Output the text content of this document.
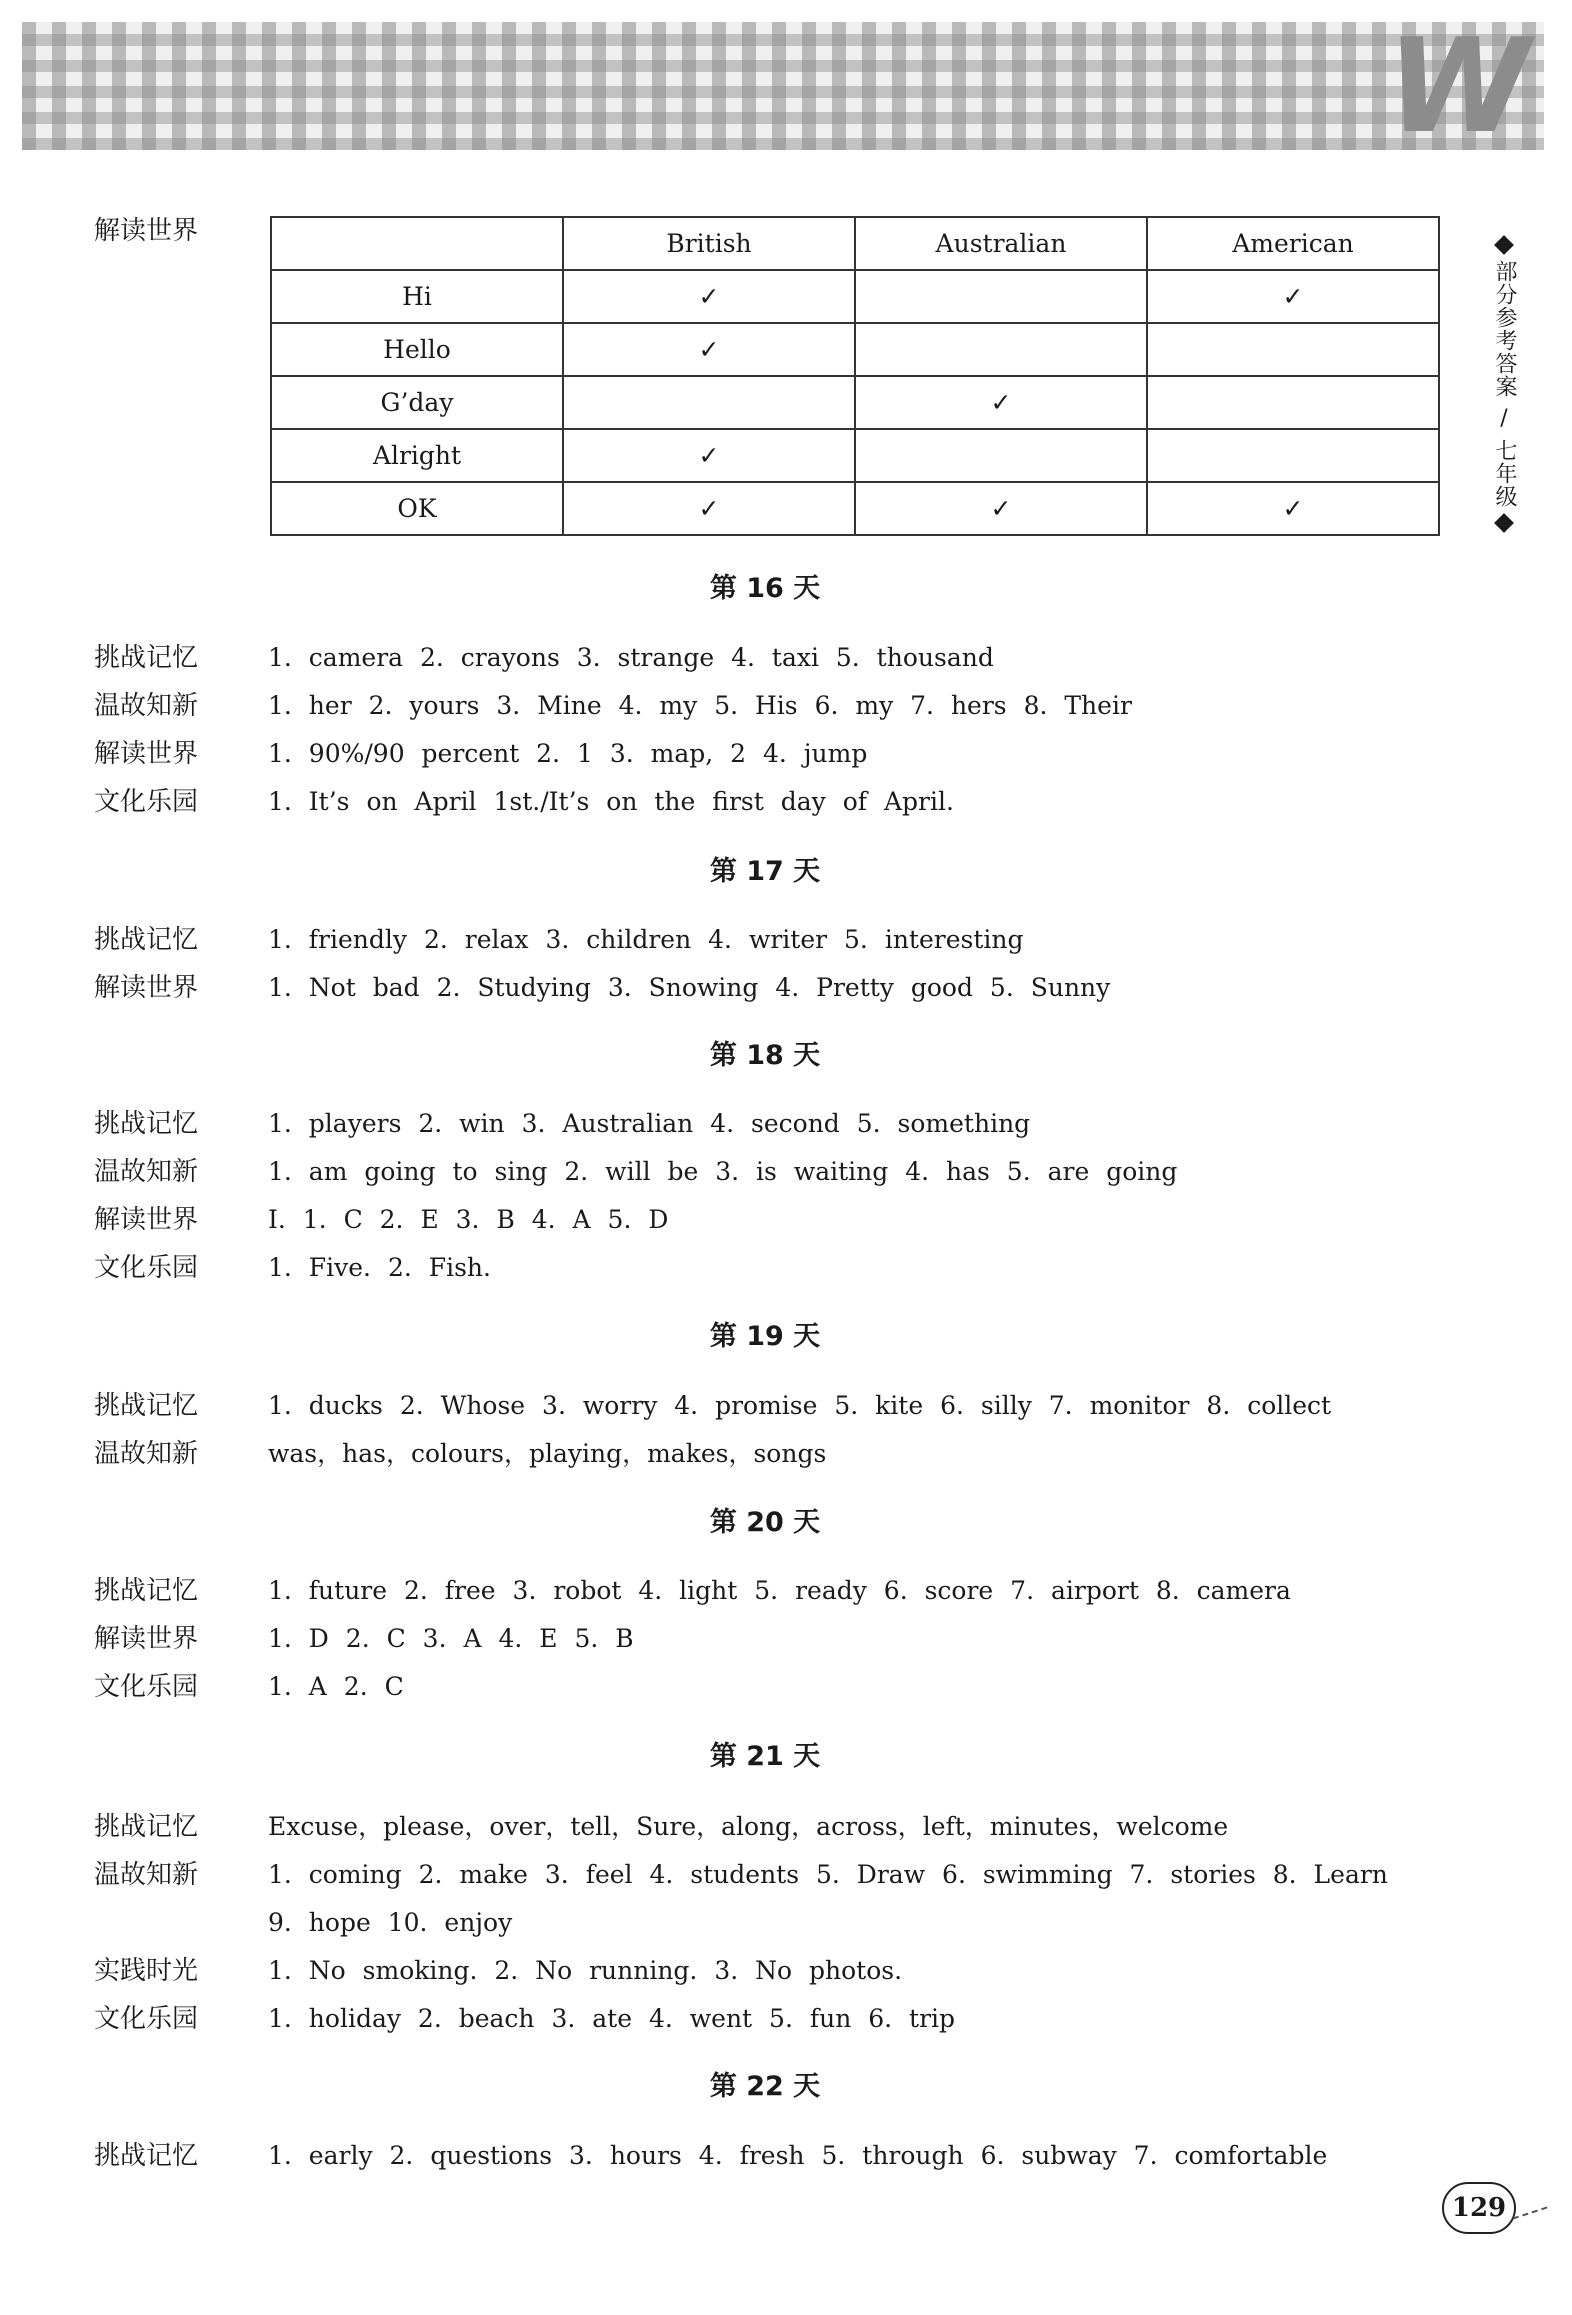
W
部分参考答案
/
七年级
解读世界
		British	Australian	American
Hi	✓		✓
Hello	✓		
G’day		✓	
Alright	✓		
OK	✓	✓	✓
第 16 天
挑战记忆	1. camera 2. crayons 3. strange 4. taxi 5. thousand
温故知新	1. her 2. yours 3. Mine 4. my 5. His 6. my 7. hers 8. Their
解读世界	1. 90%/90 percent 2. 1 3. map, 2 4. jump
文化乐园	1. It’s on April 1st./It’s on the first day of April.
第 17 天
挑战记忆	1. friendly 2. relax 3. children 4. writer 5. interesting
解读世界	1. Not bad 2. Studying 3. Snowing 4. Pretty good 5. Sunny
第 18 天
挑战记忆	1. players 2. win 3. Australian 4. second 5. something
温故知新	1. am going to sing 2. will be 3. is waiting 4. has 5. are going
解读世界	I. 1. C 2. E 3. B 4. A 5. D
文化乐园	1. Five. 2. Fish.
第 19 天
挑战记忆	1. ducks 2. Whose 3. worry 4. promise 5. kite 6. silly 7. monitor 8. collect
温故知新	was，has，colours，playing，makes，songs
第 20 天
挑战记忆	1. future 2. free 3. robot 4. light 5. ready 6. score 7. airport 8. camera
解读世界	1. D 2. C 3. A 4. E 5. B
文化乐园	1. A 2. C
第 21 天
挑战记忆	Excuse，please，over，tell，Sure，along，across，left，minutes，welcome
温故知新	1. coming 2. make 3. feel 4. students 5. Draw 6. swimming 7. stories 8. Learn
9. hope 10. enjoy
实践时光	1. No smoking. 2. No running. 3. No photos.
文化乐园	1. holiday 2. beach 3. ate 4. went 5. fun 6. trip
第 22 天
挑战记忆	1. early 2. questions 3. hours 4. fresh 5. through 6. subway 7. comfortable
129
